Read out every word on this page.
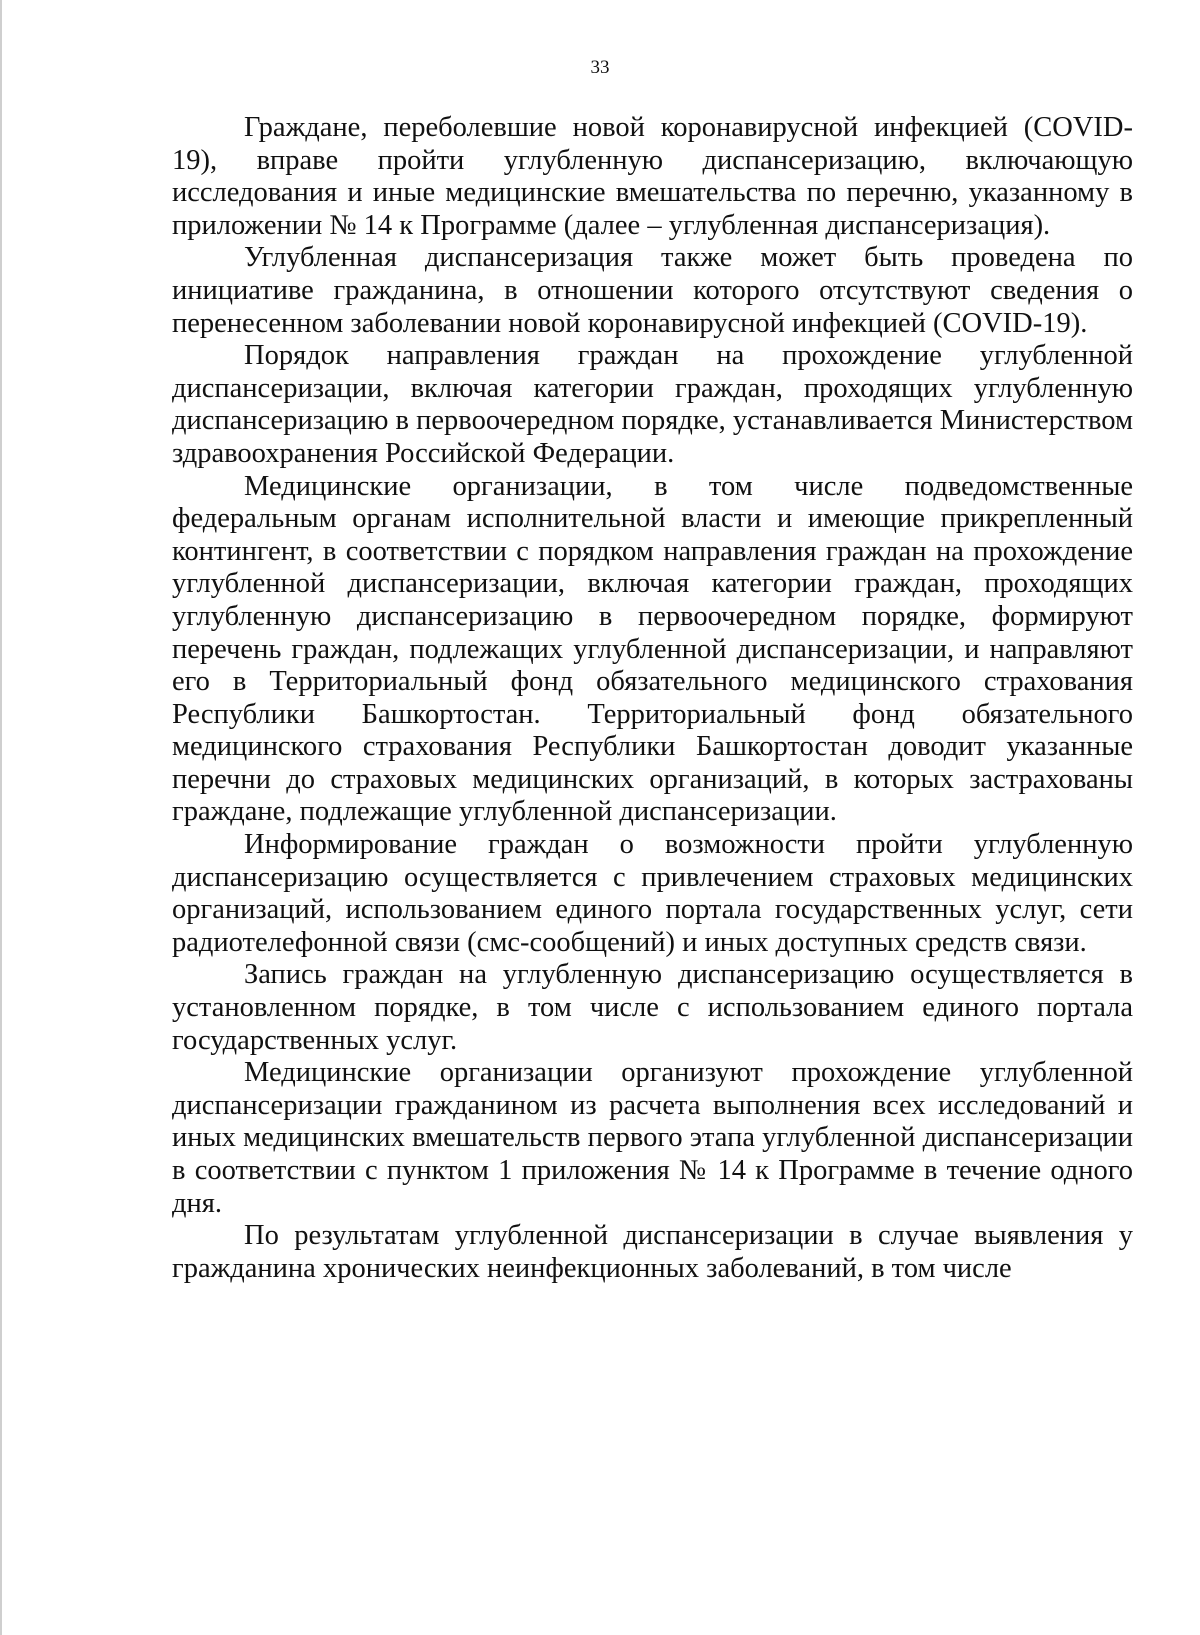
33

Граждане, переболевшие новой коронавирусной инфекцией (COVID-19), вправе пройти углубленную диспансеризацию, включающую исследования и иные медицинские вмешательства по перечню, указанному в приложении № 14 к Программе (далее – углубленная диспансеризация).

Углубленная диспансеризация также может быть проведена по инициативе гражданина, в отношении которого отсутствуют сведения о перенесенном заболевании новой коронавирусной инфекцией (COVID-19).

Порядок направления граждан на прохождение углубленной диспансеризации, включая категории граждан, проходящих углубленную диспансеризацию в первоочередном порядке, устанавливается Министерством здравоохранения Российской Федерации.

Медицинские организации, в том числе подведомственные федеральным органам исполнительной власти и имеющие прикрепленный контингент, в соответствии с порядком направления граждан на прохождение углубленной диспансеризации, включая категории граждан, проходящих углубленную диспансеризацию в первоочередном порядке, формируют перечень граждан, подлежащих углубленной диспансеризации, и направляют его в Территориальный фонд обязательного медицинского страхования Республики Башкортостан. Территориальный фонд обязательного медицинского страхования Республики Башкортостан доводит указанные перечни до страховых медицинских организаций, в которых застрахованы граждане, подлежащие углубленной диспансеризации.

Информирование граждан о возможности пройти углубленную диспансеризацию осуществляется с привлечением страховых медицинских организаций, использованием единого портала государственных услуг, сети радиотелефонной связи (смс-сообщений) и иных доступных средств связи.

Запись граждан на углубленную диспансеризацию осуществляется в установленном порядке, в том числе с использованием единого портала государственных услуг.

Медицинские организации организуют прохождение углубленной диспансеризации гражданином из расчета выполнения всех исследований и иных медицинских вмешательств первого этапа углубленной диспансеризации в соответствии с пунктом 1 приложения № 14 к Программе в течение одного дня.

По результатам углубленной диспансеризации в случае выявления у гражданина хронических неинфекционных заболеваний, в том числе
